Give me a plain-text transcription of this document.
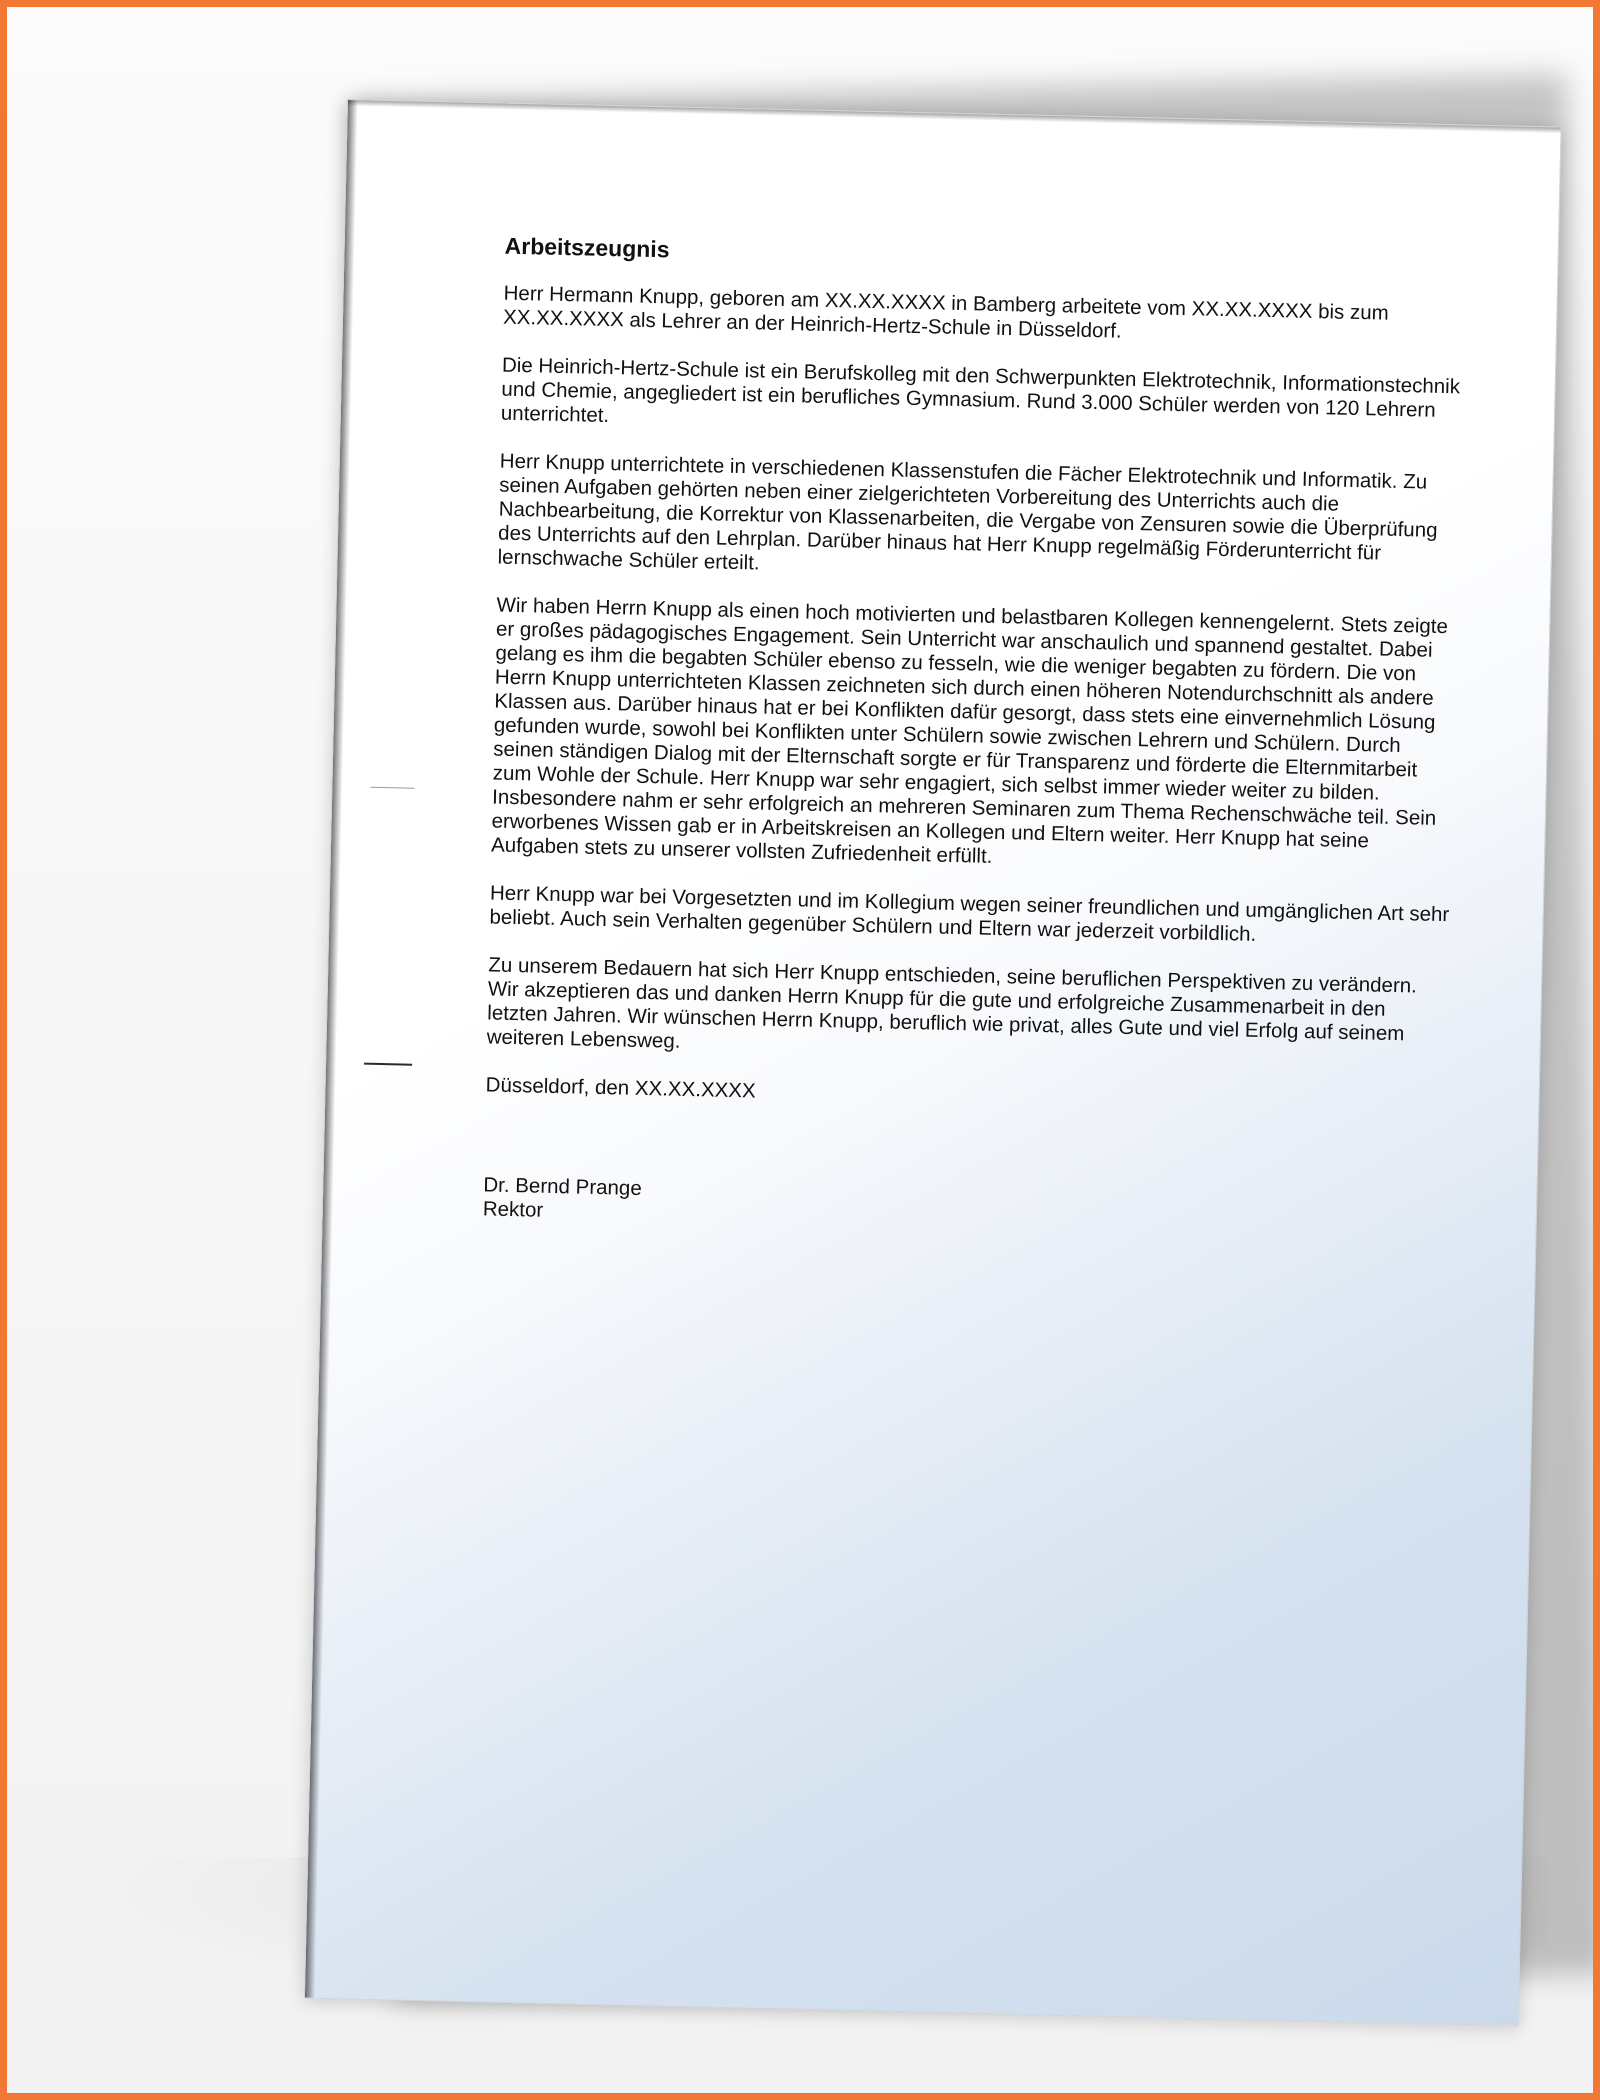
Arbeitszeugnis

Herr Hermann Knupp, geboren am XX.XX.XXXX in Bamberg arbeitete vom XX.XX.XXXX bis zum XX.XX.XXXX als Lehrer an der Heinrich-Hertz-Schule in Düsseldorf.

Die Heinrich-Hertz-Schule ist ein Berufskolleg mit den Schwerpunkten Elektrotechnik, Informationstechnik und Chemie, angegliedert ist ein berufliches Gymnasium. Rund 3.000 Schüler werden von 120 Lehrern unterrichtet.

Herr Knupp unterrichtete in verschiedenen Klassenstufen die Fächer Elektrotechnik und Informatik. Zu seinen Aufgaben gehörten neben einer zielgerichteten Vorbereitung des Unterrichts auch die Nachbearbeitung, die Korrektur von Klassenarbeiten, die Vergabe von Zensuren sowie die Überprüfung des Unterrichts auf den Lehrplan. Darüber hinaus hat Herr Knupp regelmäßig Förderunterricht für lernschwache Schüler erteilt.

Wir haben Herrn Knupp als einen hoch motivierten und belastbaren Kollegen kennengelernt. Stets zeigte er großes pädagogisches Engagement. Sein Unterricht war anschaulich und spannend gestaltet. Dabei gelang es ihm die begabten Schüler ebenso zu fesseln, wie die weniger begabten zu fördern. Die von Herrn Knupp unterrichteten Klassen zeichneten sich durch einen höheren Notendurchschnitt als andere Klassen aus. Darüber hinaus hat er bei Konflikten dafür gesorgt, dass stets eine einvernehmlich Lösung gefunden wurde, sowohl bei Konflikten unter Schülern sowie zwischen Lehrern und Schülern. Durch seinen ständigen Dialog mit der Elternschaft sorgte er für Transparenz und förderte die Elternmitarbeit zum Wohle der Schule. Herr Knupp war sehr engagiert, sich selbst immer wieder weiter zu bilden. Insbesondere nahm er sehr erfolgreich an mehreren Seminaren zum Thema Rechenschwäche teil. Sein erworbenes Wissen gab er in Arbeitskreisen an Kollegen und Eltern weiter. Herr Knupp hat seine Aufgaben stets zu unserer vollsten Zufriedenheit erfüllt.

Herr Knupp war bei Vorgesetzten und im Kollegium wegen seiner freundlichen und umgänglichen Art sehr beliebt. Auch sein Verhalten gegenüber Schülern und Eltern war jederzeit vorbildlich.

Zu unserem Bedauern hat sich Herr Knupp entschieden, seine beruflichen Perspektiven zu verändern. Wir akzeptieren das und danken Herrn Knupp für die gute und erfolgreiche Zusammenarbeit in den letzten Jahren. Wir wünschen Herrn Knupp, beruflich wie privat, alles Gute und viel Erfolg auf seinem weiteren Lebensweg.

Düsseldorf, den XX.XX.XXXX

Dr. Bernd Prange

Rektor
